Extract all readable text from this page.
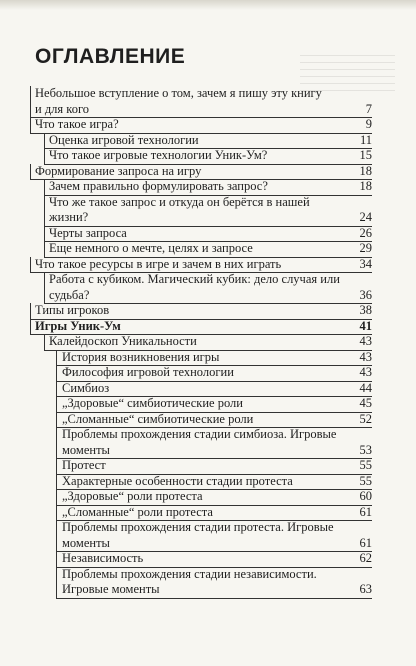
ОГЛАВЛЕНИЕ
Небольшое вступление о том, зачем я пишу эту книгу
и для кого	7
Что такое игра?	9
Оценка игровой технологии	11
Что такое игровые технологии Уник-Ум?	15
Формирование запроса на игру	18
Зачем правильно формулировать запрос?	18
Что же такое запрос и откуда он берётся в нашей
жизни?	24
Черты запроса	26
Еще немного о мечте, целях и запросе	29
Что такое ресурсы в игре и зачем в них играть	34
Работа с кубиком. Магический кубик: дело случая или
судьба?	36
Типы игроков	38
Игры Уник-Ум	41
Калейдоскоп Уникальности	43
История возникновения игры	43
Философия игровой технологии	43
Симбиоз	44
„Здоровые“ симбиотические роли	45
„Сломанные“ симбиотические роли	52
Проблемы прохождения стадии симбиоза. Игровые
моменты	53
Протест	55
Характерные особенности стадии протеста	55
„Здоровые“ роли протеста	60
„Сломанные“ роли протеста	61
Проблемы прохождения стадии протеста. Игровые
моменты	61
Независимость	62
Проблемы прохождения стадии независимости.
Игровые моменты	63
